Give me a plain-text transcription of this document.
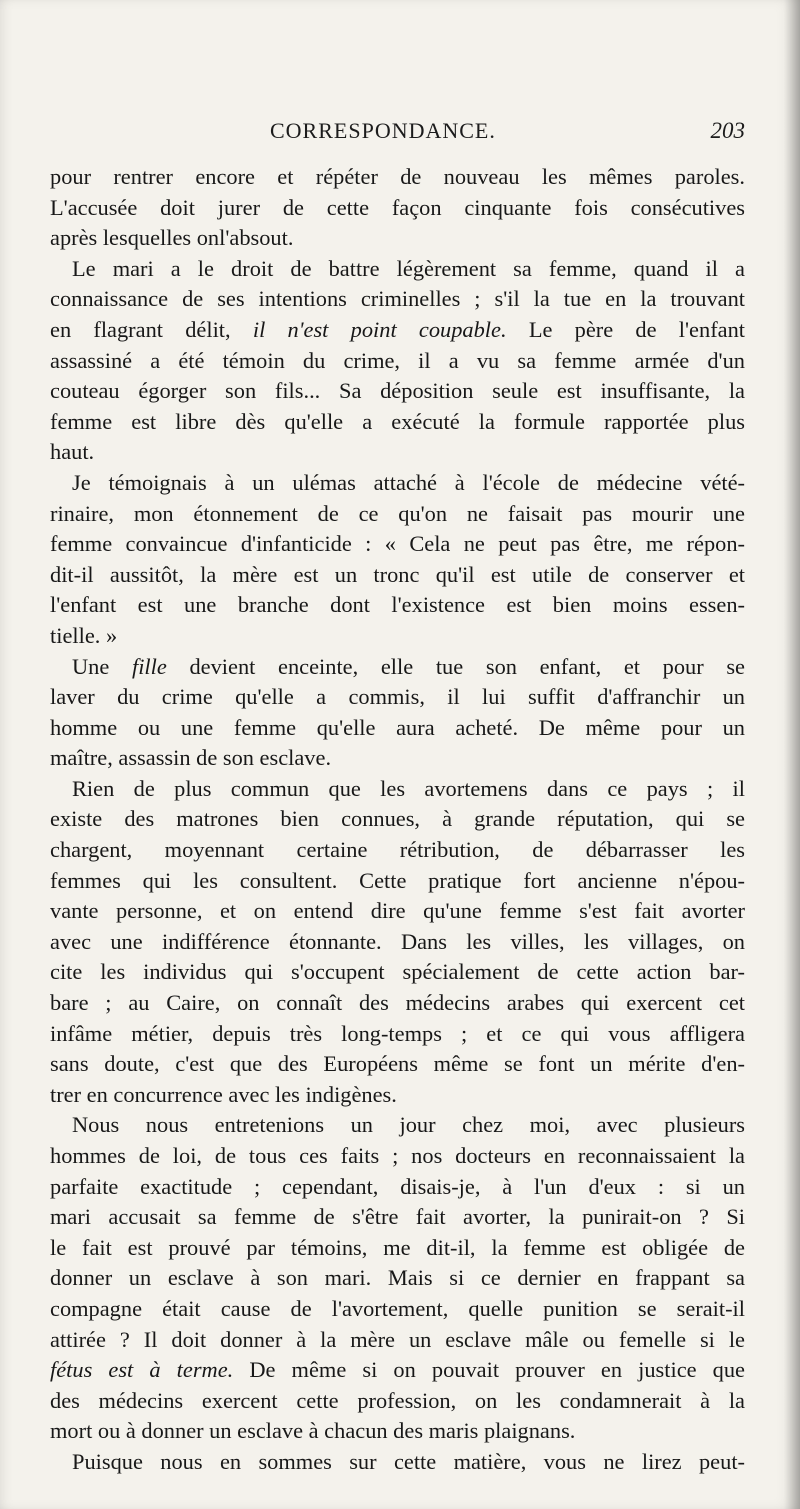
CORRESPONDANCE.	203
pour rentrer encore et répéter de nouveau les mêmes paroles.
L'accusée doit jurer de cette façon cinquante fois consécutives
après lesquelles onl'absout.
Le mari a le droit de battre légèrement sa femme, quand il a
connaissance de ses intentions criminelles ; s'il la tue en la trouvant
en flagrant délit, il n'est point coupable. Le père de l'enfant
assassiné a été témoin du crime, il a vu sa femme armée d'un
couteau égorger son fils... Sa déposition seule est insuffisante, la
femme est libre dès qu'elle a exécuté la formule rapportée plus
haut.
Je témoignais à un ulémas attaché à l'école de médecine vété-
rinaire, mon étonnement de ce qu'on ne faisait pas mourir une
femme convaincue d'infanticide : « Cela ne peut pas être, me répon-
dit-il aussitôt, la mère est un tronc qu'il est utile de conserver et
l'enfant est une branche dont l'existence est bien moins essen-
tielle. »
Une fille devient enceinte, elle tue son enfant, et pour se
laver du crime qu'elle a commis, il lui suffit d'affranchir un
homme ou une femme qu'elle aura acheté. De même pour un
maître, assassin de son esclave.
Rien de plus commun que les avortemens dans ce pays ; il
existe des matrones bien connues, à grande réputation, qui se
chargent, moyennant certaine rétribution, de débarrasser les
femmes qui les consultent. Cette pratique fort ancienne n'épou-
vante personne, et on entend dire qu'une femme s'est fait avorter
avec une indifférence étonnante. Dans les villes, les villages, on
cite les individus qui s'occupent spécialement de cette action bar-
bare ; au Caire, on connaît des médecins arabes qui exercent cet
infâme métier, depuis très long-temps ; et ce qui vous affligera
sans doute, c'est que des Européens même se font un mérite d'en-
trer en concurrence avec les indigènes.
Nous nous entretenions un jour chez moi, avec plusieurs
hommes de loi, de tous ces faits ; nos docteurs en reconnaissaient la
parfaite exactitude ; cependant, disais-je, à l'un d'eux : si un
mari accusait sa femme de s'être fait avorter, la punirait-on ? Si
le fait est prouvé par témoins, me dit-il, la femme est obligée de
donner un esclave à son mari. Mais si ce dernier en frappant sa
compagne était cause de l'avortement, quelle punition se serait-il
attirée ? Il doit donner à la mère un esclave mâle ou femelle si le
fétus est à terme. De même si on pouvait prouver en justice que
des médecins exercent cette profession, on les condamnerait à la
mort ou à donner un esclave à chacun des maris plaignans.
Puisque nous en sommes sur cette matière, vous ne lirez peut-
